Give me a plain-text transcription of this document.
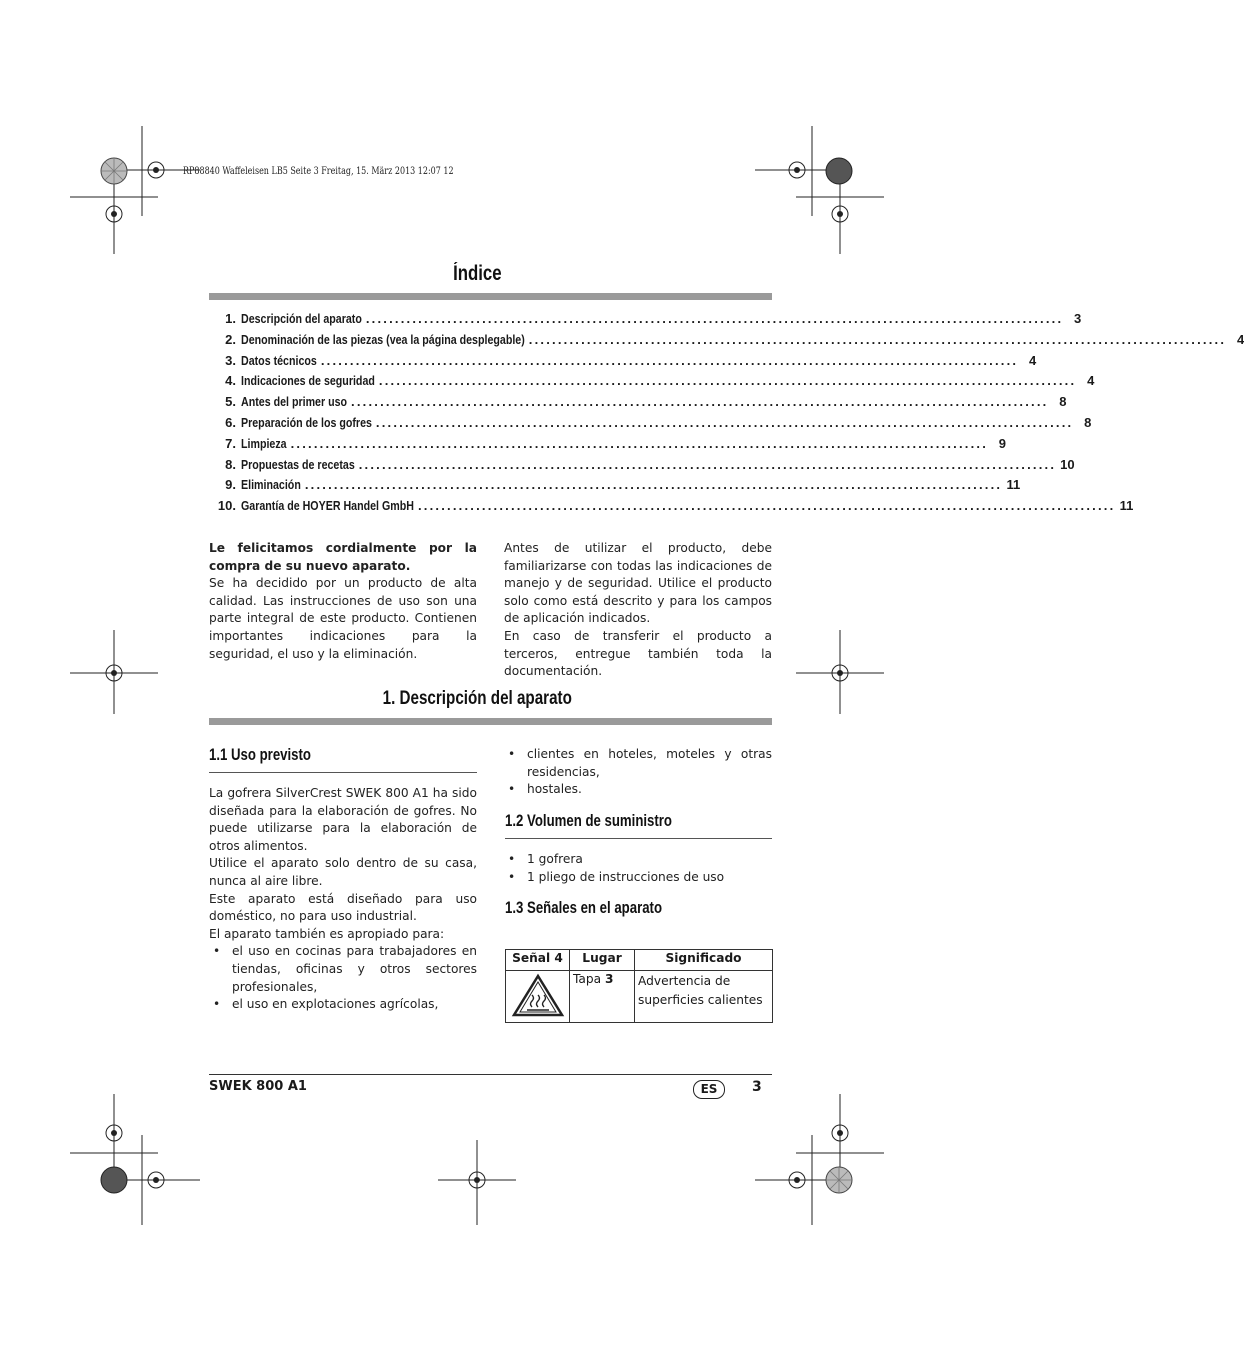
RP88840 Waffeleisen LB5 Seite 3 Freitag, 15. März 2013 12:07 12
Índice
1. Descripción del aparato ........................................................................................................................ 3
2. Denominación de las piezas (vea la página desplegable) ........................................................................................................................ 4
3. Datos técnicos ........................................................................................................................ 4
4. Indicaciones de seguridad ........................................................................................................................ 4
5. Antes del primer uso ........................................................................................................................ 8
6. Preparación de los gofres ........................................................................................................................ 8
7. Limpieza ........................................................................................................................ 9
8. Propuestas de recetas ........................................................................................................................ 10
9. Eliminación ........................................................................................................................ 11
10. Garantía de HOYER Handel GmbH ........................................................................................................................ 11

Le felicitamos cordialmente por la compra de su nuevo aparato.

Se ha decidido por un producto de alta calidad. Las instrucciones de uso son una parte integral de este producto. Contienen importantes indicaciones para la seguridad, el uso y la eliminación.

Antes de utilizar el producto, debe familiarizarse con todas las indicaciones de manejo y de seguridad. Utilice el producto solo como está descrito y para los campos de aplicación indicados.

En caso de transferir el producto a terceros, entregue también toda la documentación.

1. Descripción del aparato
1.1 Uso previsto

La gofrera SilverCrest SWEK 800 A1 ha sido diseñada para la elaboración de gofres. No puede utilizarse para la elaboración de otros alimentos.

Utilice el aparato solo dentro de su casa, nunca al aire libre.

Este aparato está diseñado para uso doméstico, no para uso industrial.

El aparato también es apropiado para:

• el uso en cocinas para trabajadores en tiendas, oficinas y otros sectores profesionales,
• el uso en explotaciones agrícolas,
• clientes en hoteles, moteles y otras residencias,
• hostales.
1.2 Volumen de suministro
• 1 gofrera
• 1 pliego de instrucciones de uso
1.3 Señales en el aparato
Señal 4	Lugar	Significado
	Tapa 3	Advertencia de superficies calientes
SWEK 800 A1	ES	3
